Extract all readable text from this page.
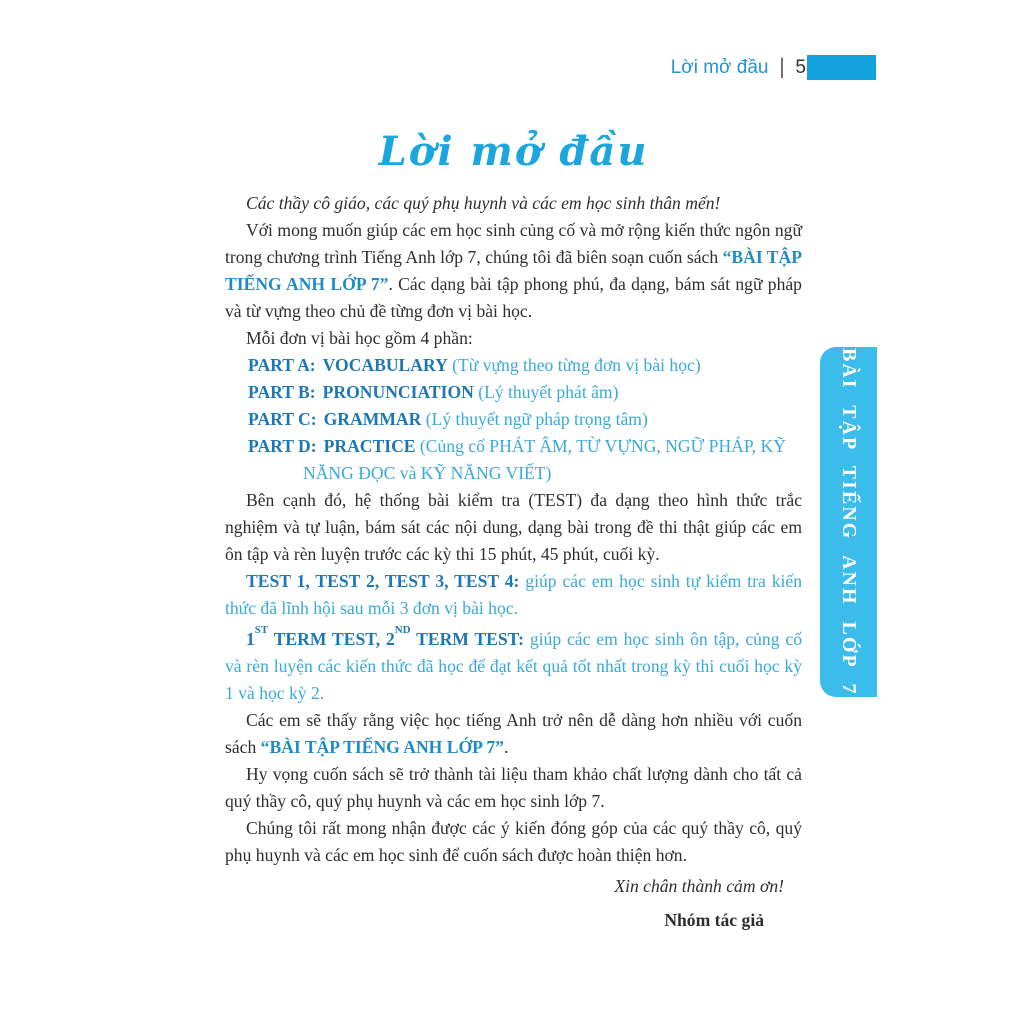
Lời mở đầu | 5
Lời mở đầu

Các thầy cô giáo, các quý phụ huynh và các em học sinh thân mến!

Với mong muốn giúp các em học sinh củng cố và mở rộng kiến thức ngôn ngữ trong chương trình Tiếng Anh lớp 7, chúng tôi đã biên soạn cuốn sách “BÀI TẬP TIẾNG ANH LỚP 7”. Các dạng bài tập phong phú, đa dạng, bám sát ngữ pháp và từ vựng theo chủ đề từng đơn vị bài học.

Mỗi đơn vị bài học gồm 4 phần:

PART A: VOCABULARY (Từ vựng theo từng đơn vị bài học)
PART B: PRONUNCIATION (Lý thuyết phát âm)
PART C: GRAMMAR (Lý thuyết ngữ pháp trọng tâm)
PART D: PRACTICE (Củng cố PHÁT ÂM, TỪ VỰNG, NGỮ PHÁP, KỸ NĂNG ĐỌC và KỸ NĂNG VIẾT)

Bên cạnh đó, hệ thống bài kiểm tra (TEST) đa dạng theo hình thức trắc nghiệm và tự luận, bám sát các nội dung, dạng bài trong đề thi thật giúp các em ôn tập và rèn luyện trước các kỳ thi 15 phút, 45 phút, cuối kỳ.

TEST 1, TEST 2, TEST 3, TEST 4: giúp các em học sinh tự kiểm tra kiến thức đã lĩnh hội sau mỗi 3 đơn vị bài học.

1ST TERM TEST, 2ND TERM TEST: giúp các em học sinh ôn tập, củng cố và rèn luyện các kiến thức đã học để đạt kết quả tốt nhất trong kỳ thi cuối học kỳ 1 và học kỳ 2.

Các em sẽ thấy rằng việc học tiếng Anh trở nên dễ dàng hơn nhiều với cuốn sách “BÀI TẬP TIẾNG ANH LỚP 7”.

Hy vọng cuốn sách sẽ trở thành tài liệu tham khảo chất lượng dành cho tất cả quý thầy cô, quý phụ huynh và các em học sinh lớp 7.

Chúng tôi rất mong nhận được các ý kiến đóng góp của các quý thầy cô, quý phụ huynh và các em học sinh để cuốn sách được hoàn thiện hơn.

Xin chân thành cảm ơn!

Nhóm tác giả

BÀI TẬP TIẾNG ANH LỚP 7
